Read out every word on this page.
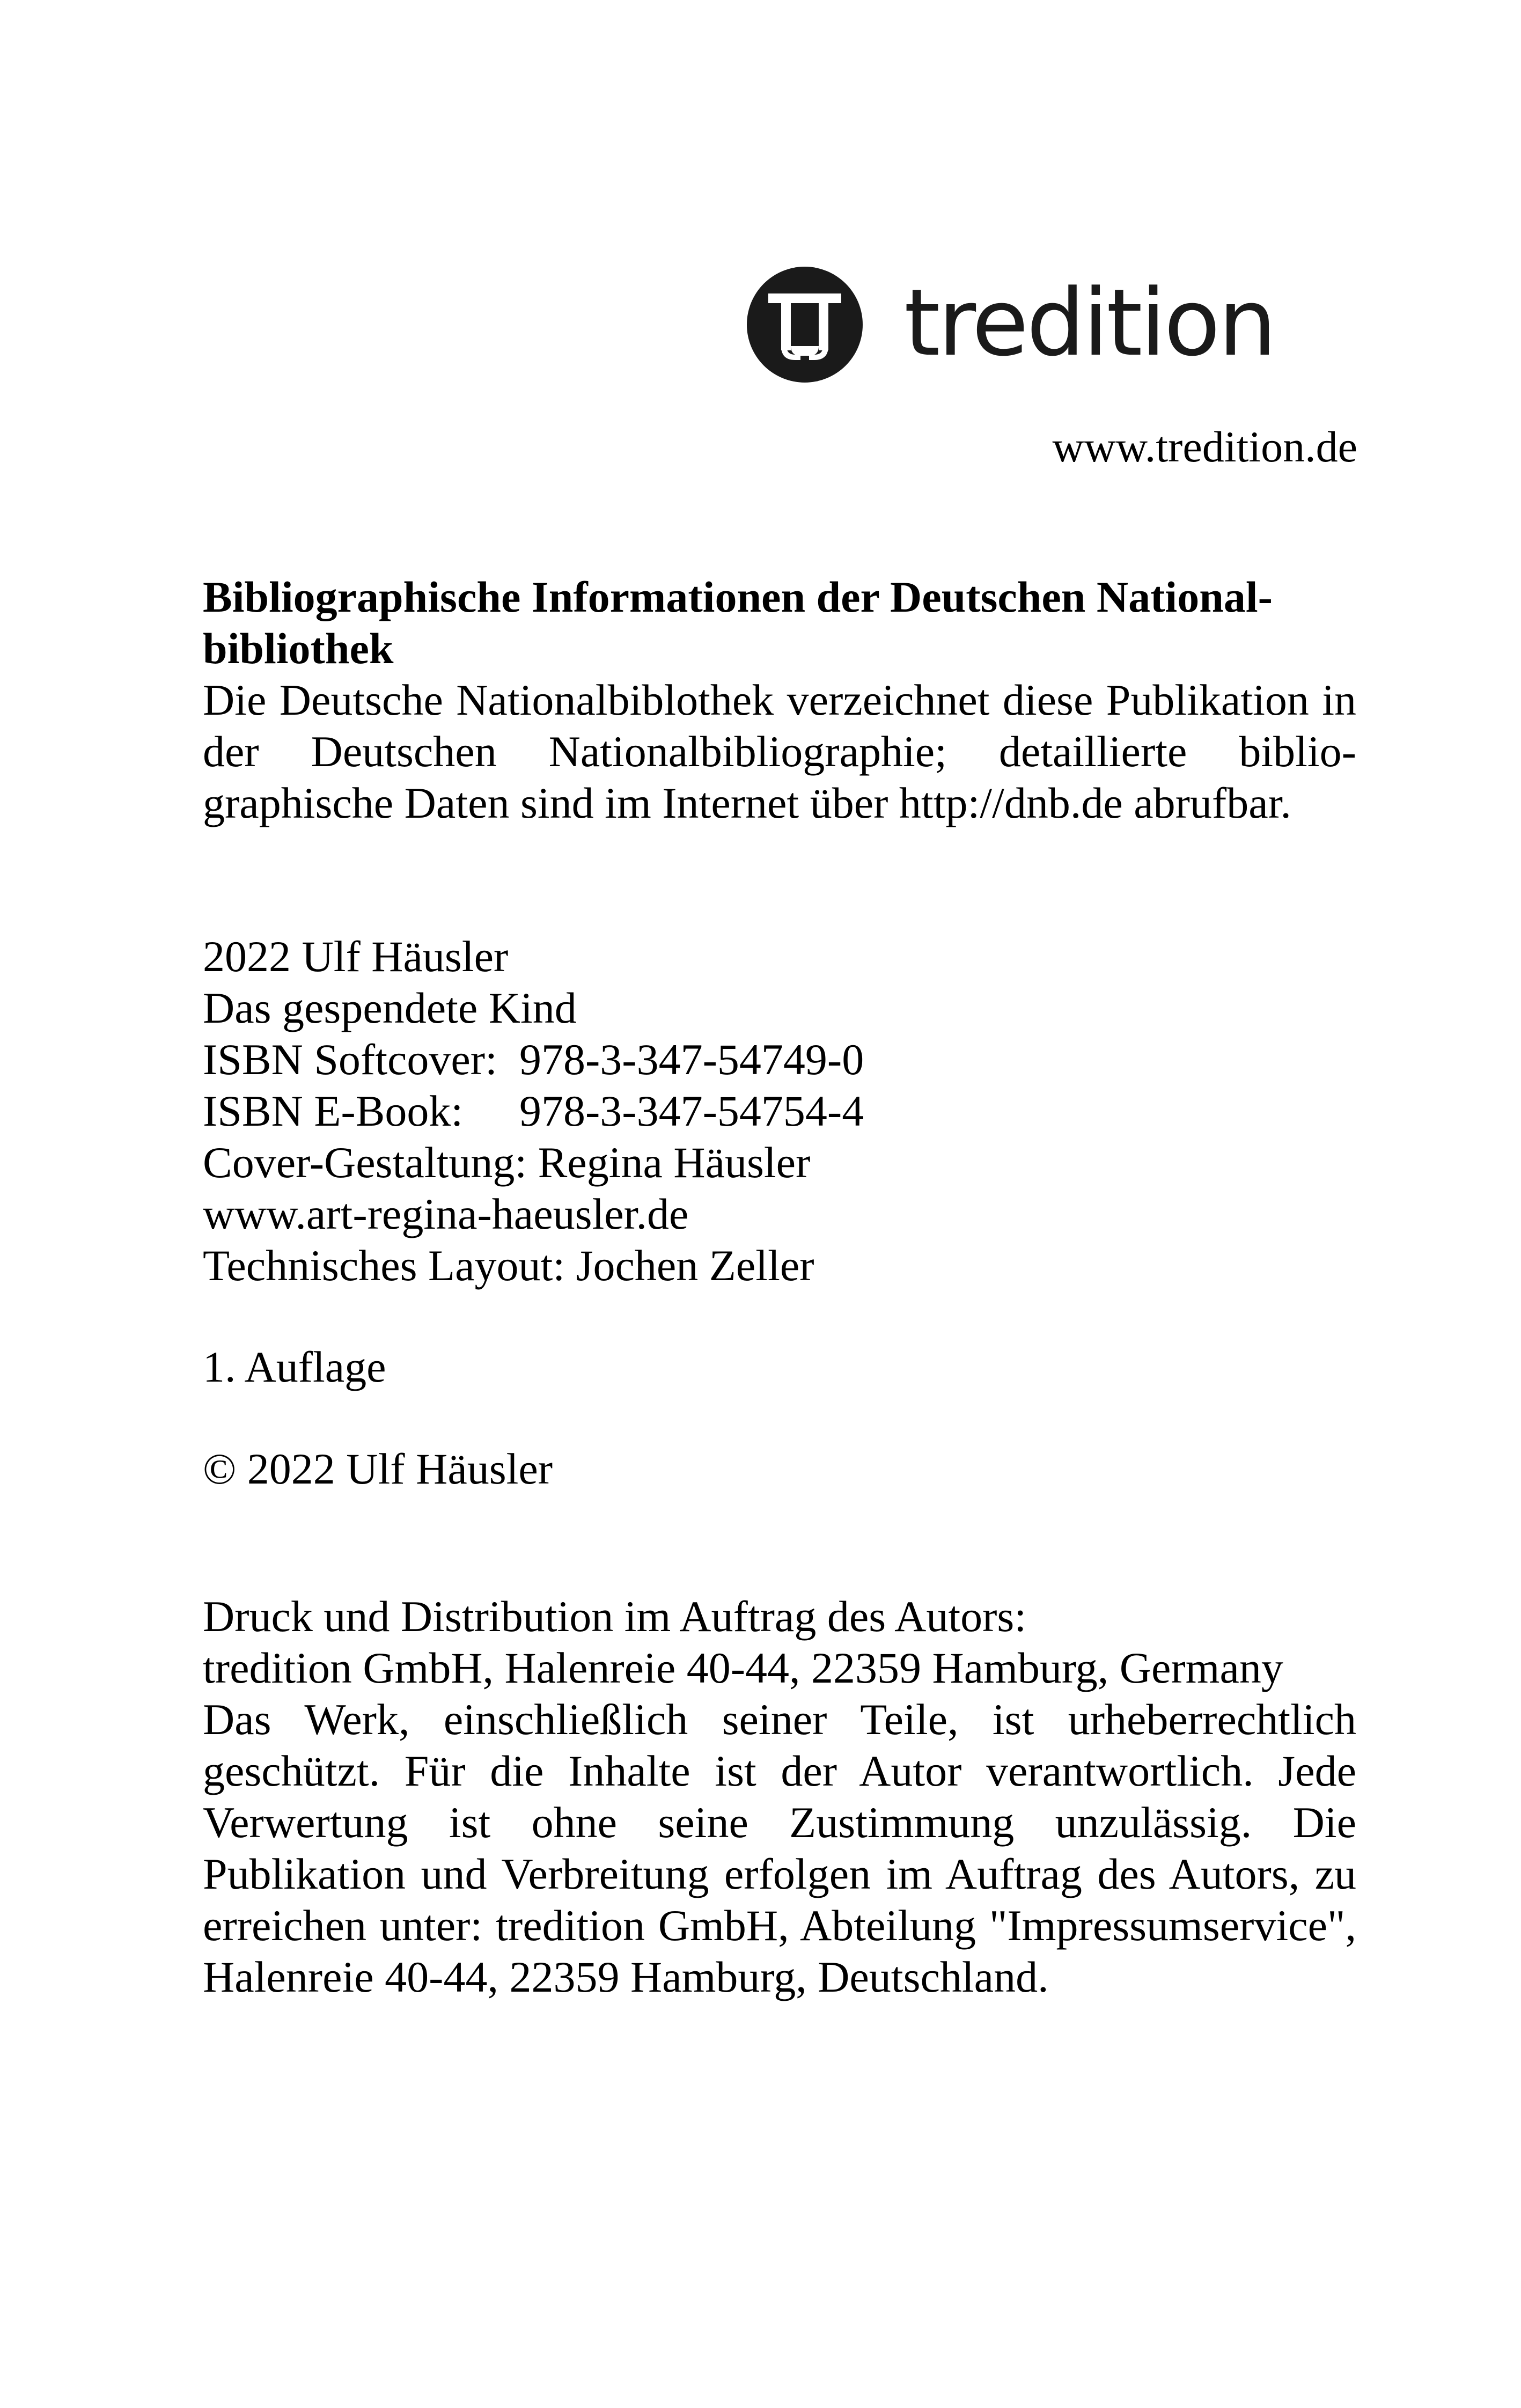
tredition
www.tredition.de
Bibliographische Informationen der Deutschen National-
bibliothek
Die Deutsche Nationalbiblothek verzeichnet diese Publikation in der Deutschen Nationalbibliographie; detaillierte biblio-graphische Daten sind im Internet über http://dnb.de abrufbar.
2022 Ulf Häusler
Das gespendete Kind
ISBN Softcover: 978-3-347-54749-0
ISBN E-Book:	978-3-347-54754-4
Cover-Gestaltung: Regina Häusler
www.art-regina-haeusler.de
Technisches Layout: Jochen Zeller
1. Auflage
© 2022 Ulf Häusler
Druck und Distribution im Auftrag des Autors:
tredition GmbH, Halenreie 40-44, 22359 Hamburg, Germany
Das Werk, einschließlich seiner Teile, ist urheberrechtlich geschützt. Für die Inhalte ist der Autor verantwortlich. Jede Verwertung ist ohne seine Zustimmung unzulässig. Die Publikation und Verbreitung erfolgen im Auftrag des Autors, zu erreichen unter: tredition GmbH, Abteilung "Impressumservice", Halenreie 40-44, 22359 Hamburg, Deutschland.
